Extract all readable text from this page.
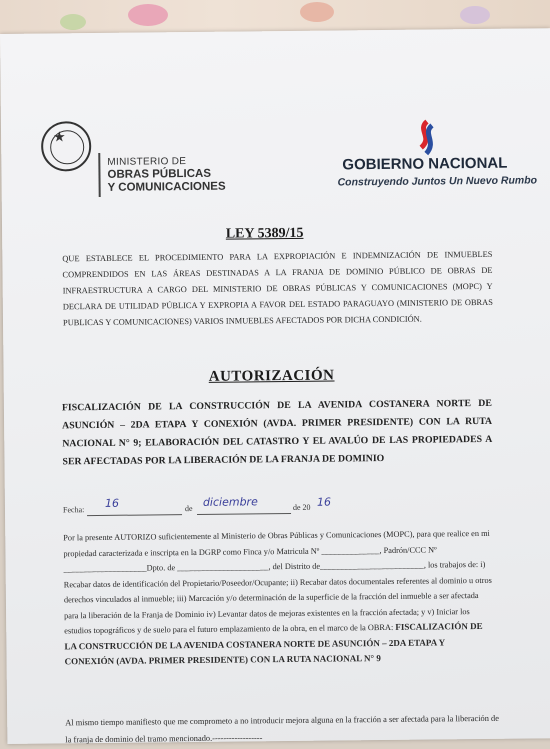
★
MINISTERIO DE
OBRAS PÚBLICAS
Y COMUNICACIONES
GOBIERNO NACIONAL
Construyendo Juntos Un Nuevo Rumbo
LEY 5389/15
QUE ESTABLECE EL PROCEDIMIENTO PARA LA EXPROPIACIÓN E INDEMNIZACIÓN DE INMUEBLES COMPRENDIDOS EN LAS ÁREAS DESTINADAS A LA FRANJA DE DOMINIO PÚBLICO DE OBRAS DE INFRAESTRUCTURA A CARGO DEL MINISTERIO DE OBRAS PÚBLICAS Y COMUNICACIONES (MOPC) Y DECLARA DE UTILIDAD PÚBLICA Y EXPROPIA A FAVOR DEL ESTADO PARAGUAYO (MINISTERIO DE OBRAS PUBLICAS Y COMUNICACIONES) VARIOS INMUEBLES AFECTADOS POR DICHA CONDICIÓN.
AUTORIZACIÓN
FISCALIZACIÓN DE LA CONSTRUCCIÓN DE LA AVENIDA COSTANERA NORTE DE ASUNCIÓN – 2DA ETAPA Y CONEXIÓN (AVDA. PRIMER PRESIDENTE) CON LA RUTA NACIONAL N° 9; ELABORACIÓN DEL CATASTRO Y EL AVALÚO DE LAS PROPIEDADES A SER AFECTADAS POR LA LIBERACIÓN DE LA FRANJA DE DOMINIO
Fecha: 16	de diciembre	de 20 16
Por la presente AUTORIZO suficientemente al Ministerio de Obras Públicas y Comunicaciones (MOPC), para que realice en mi propiedad caracterizada e inscripta en la DGRP como Finca y/o Matricula Nº ______________, Padrón/CCC Nº ____________________Dpto. de ______________________, del Distrito de_________________________, los trabajos de: i) Recabar datos de identificación del Propietario/Poseedor/Ocupante; ii) Recabar datos documentales referentes al dominio u otros derechos vinculados al inmueble; iii) Marcación y/o determinación de la superficie de la fracción del inmueble a ser afectada para la liberación de la Franja de Dominio iv) Levantar datos de mejoras existentes en la fracción afectada; y v) Iniciar los estudios topográficos y de suelo para el futuro emplazamiento de la obra, en el marco de la OBRA: FISCALIZACIÓN DE LA CONSTRUCCIÓN DE LA AVENIDA COSTANERA NORTE DE ASUNCIÓN – 2DA ETAPA Y CONEXIÓN (AVDA. PRIMER PRESIDENTE) CON LA RUTA NACIONAL N° 9
Al mismo tiempo manifiesto que me comprometo a no introducir mejora alguna en la fracción a ser afectada para la liberación de la franja de dominio del tramo mencionado.------------------
